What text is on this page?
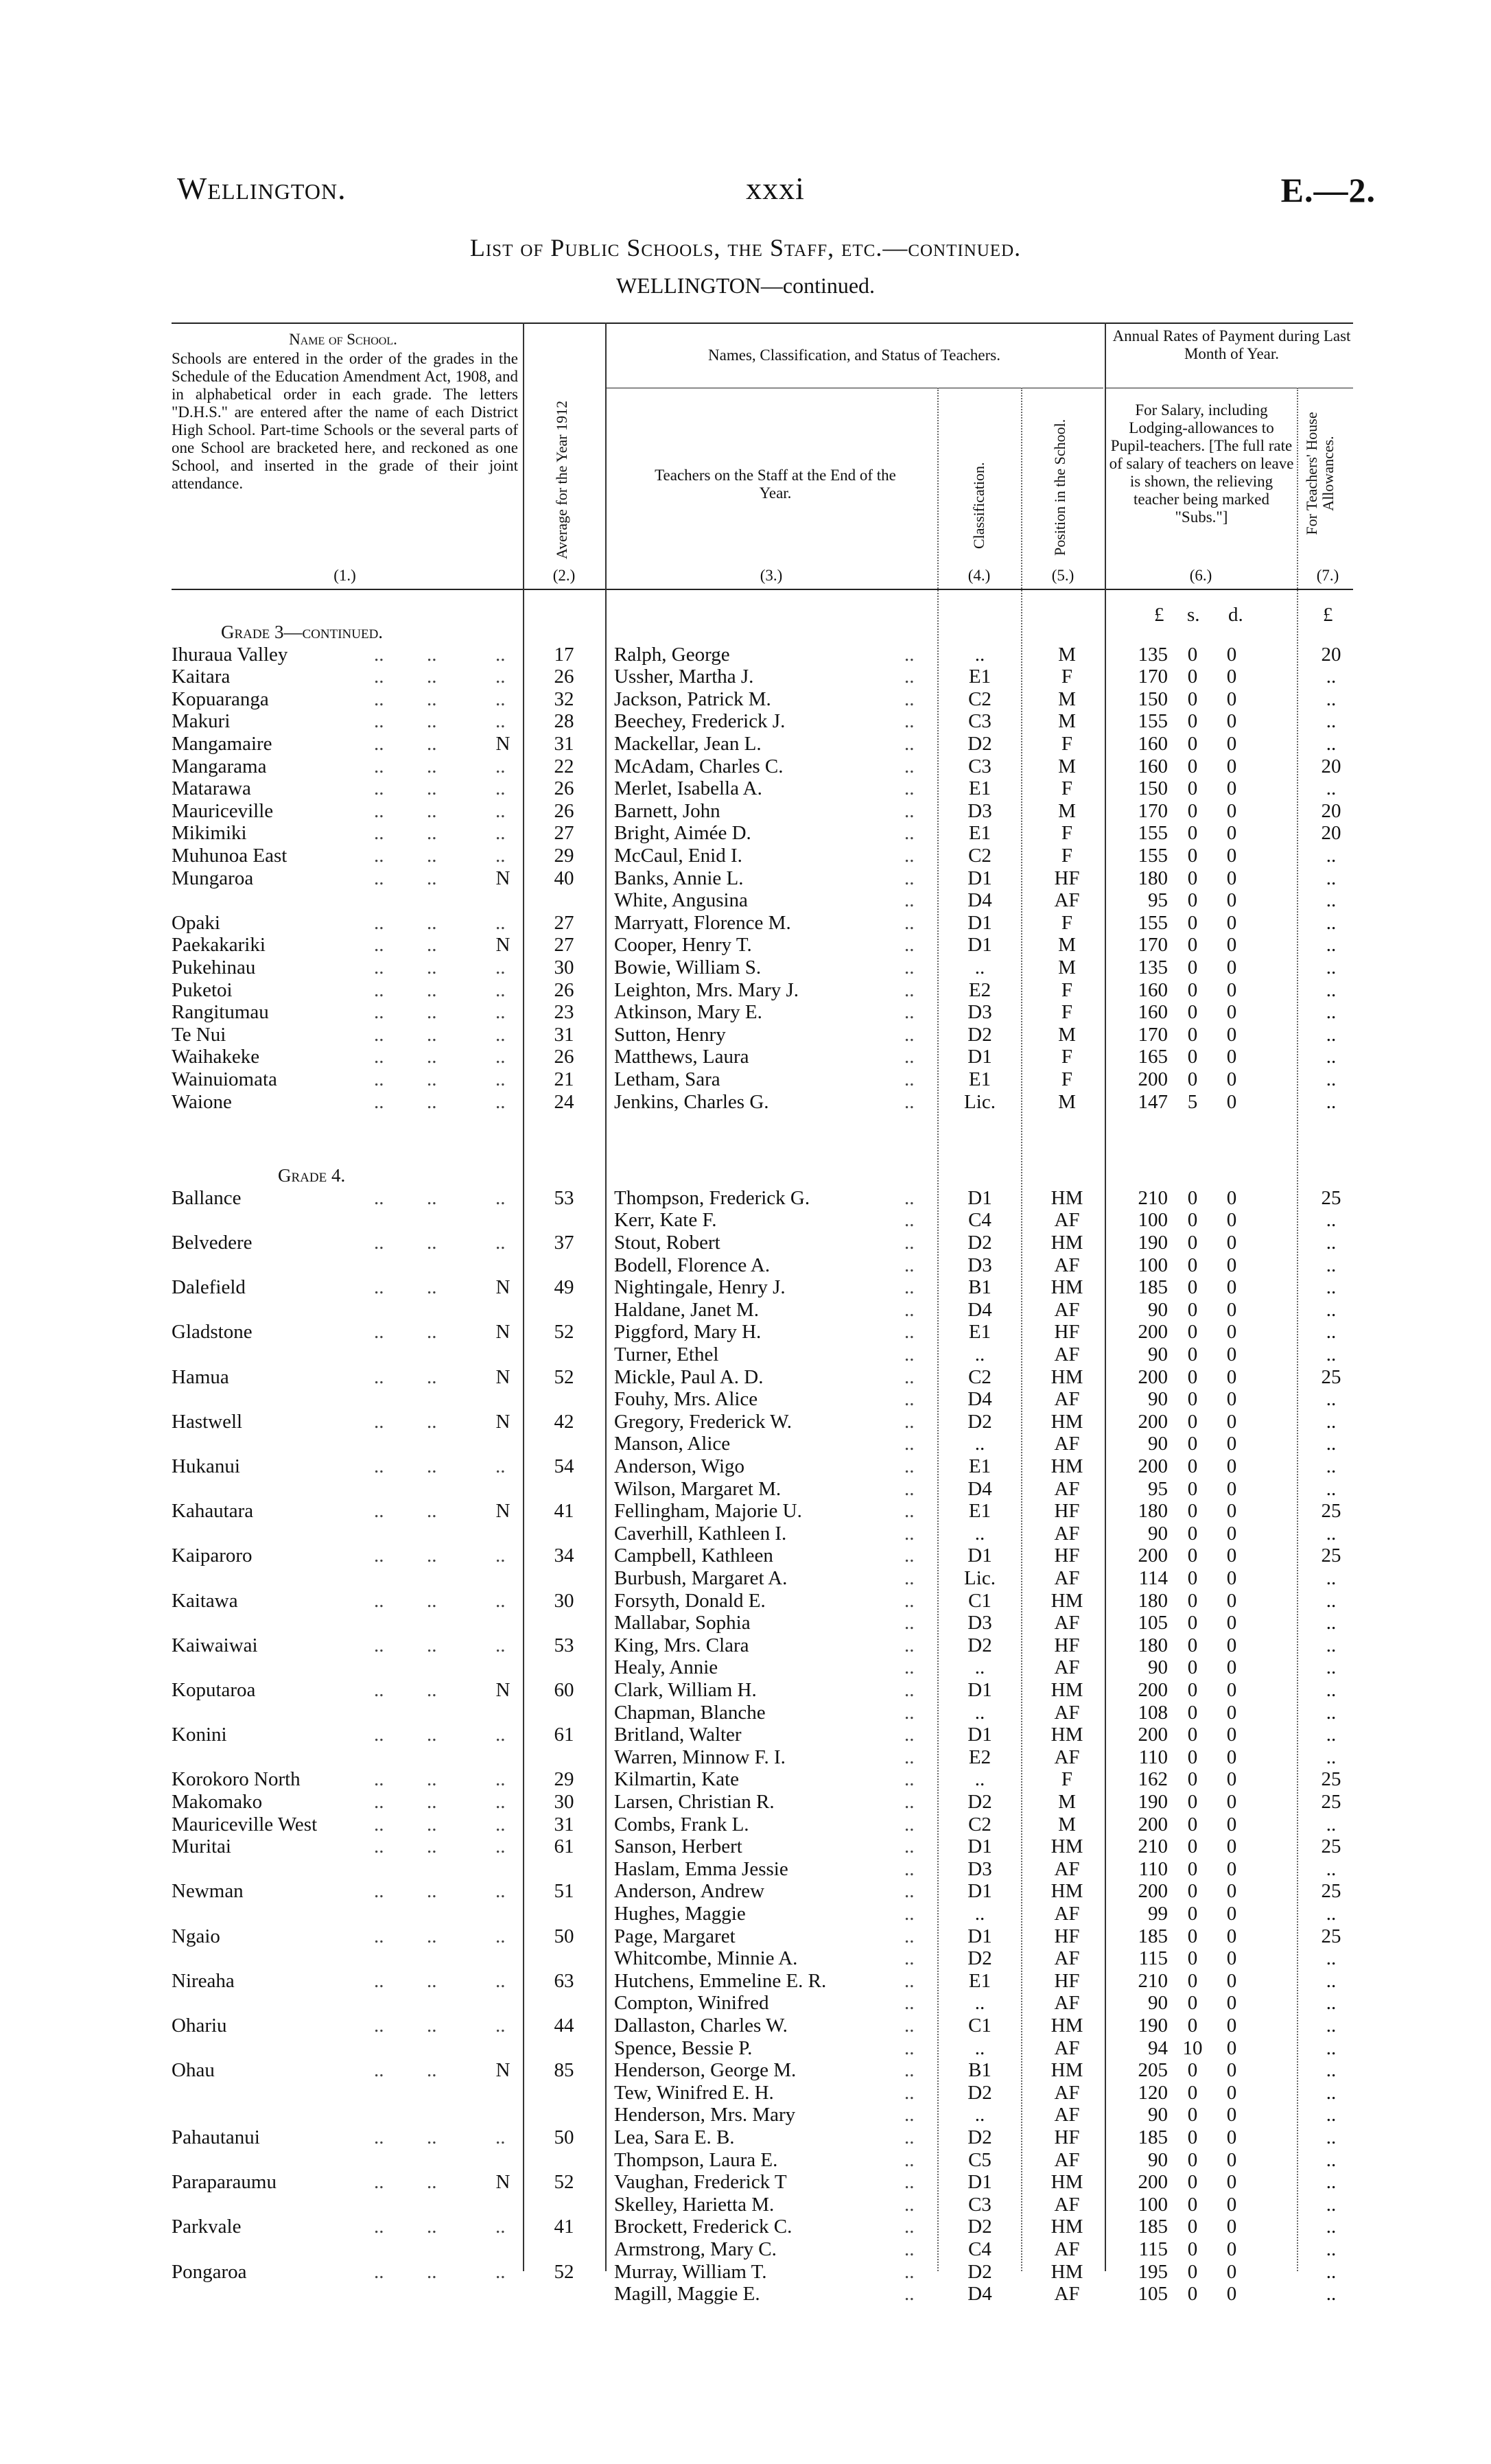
Wellington.	xxxi	E.—2.
List of Public Schools, the Staff, etc.—continued.
WELLINGTON—continued.
Name of School.
Schools are entered in the order of the grades in the Schedule of the Education Amendment Act, 1908, and in alphabetical order in each grade. The letters "D.H.S." are entered after the name of each District High School. Part-time Schools or the several parts of one School are bracketed here, and reckoned as one School, and inserted in the grade of their joint attendance.
(1.)
Average for the Year 1912
(2.)
Names, Classification, and Status of Teachers.
Teachers on the Staff at the End of the Year.
(3.)
Classification.
(4.)
Position in the School.
(5.)
Annual Rates of Payment during Last Month of Year.
For Salary, including Lodging-allowances to Pupil-teachers. [The full rate of salary of teachers on leave is shown, the relieving teacher being marked "Subs."]
(6.)
For Teachers' House Allowances.
(7.)
£ s. d.	£
Grade 3—continued.
Ihuraua Valley	.. ..	..	17	Ralph, George	..	..	M	135 0	0	20
Kaitara	.. ..	..	26	Ussher, Martha J.	..	E1	F	170 0	0	..
Kopuaranga	.. ..	..	32	Jackson, Patrick M.	..	C2	M	150 0	0	..
Makuri	.. ..	..	28	Beechey, Frederick J.	..	C3	M	155 0	0	..
Mangamaire	.. ..	N	31	Mackellar, Jean L.	..	D2	F	160 0	0	..
Mangarama	.. ..	..	22	McAdam, Charles C.	..	C3	M	160 0	0	20
Matarawa	.. ..	..	26	Merlet, Isabella A.	..	E1	F	150 0	0	..
Mauriceville	.. ..	..	26	Barnett, John	..	D3	M	170 0	0	20
Mikimiki	.. ..	..	27	Bright, Aimée D.	..	E1	F	155 0	0	20
Muhunoa East	.. ..	..	29	McCaul, Enid I.	..	C2	F	155 0	0	..
Mungaroa	.. ..	N	40	Banks, Annie L.	..	D1	HF	180 0	0	..
White, Angusina	..	D4	AF	95 0	0	..
Opaki	.. ..	..	27	Marryatt, Florence M.	..	D1	F	155 0	0	..
Paekakariki	.. ..	N	27	Cooper, Henry T.	..	D1	M	170 0	0	..
Pukehinau	.. ..	..	30	Bowie, William S.	..	..	M	135 0	0	..
Puketoi	.. ..	..	26	Leighton, Mrs. Mary J.	..	E2	F	160 0	0	..
Rangitumau	.. ..	..	23	Atkinson, Mary E.	..	D3	F	160 0	0	..
Te Nui	.. ..	..	31	Sutton, Henry	..	D2	M	170 0	0	..
Waihakeke	.. ..	..	26	Matthews, Laura	..	D1	F	165 0	0	..
Wainuiomata	.. ..	..	21	Letham, Sara	..	E1	F	200 0	0	..
Waione	.. ..	..	24	Jenkins, Charles G.	..	Lic.	M	147 5	0	..
Grade 4.
Ballance	.. ..	..	53	Thompson, Frederick G.	..	D1	HM	210 0	0	25
Kerr, Kate F.	..	C4	AF	100 0	0	..
Belvedere	.. ..	..	37	Stout, Robert	..	D2	HM	190 0	0	..
Bodell, Florence A.	..	D3	AF	100 0	0	..
Dalefield	.. ..	N	49	Nightingale, Henry J.	..	B1	HM	185 0	0	..
Haldane, Janet M.	..	D4	AF	90 0	0	..
Gladstone	.. ..	N	52	Piggford, Mary H.	..	E1	HF	200 0	0	..
Turner, Ethel	..	..	AF	90 0	0	..
Hamua	.. ..	N	52	Mickle, Paul A. D.	..	C2	HM	200 0	0	25
Fouhy, Mrs. Alice	..	D4	AF	90 0	0	..
Hastwell	.. ..	N	42	Gregory, Frederick W.	..	D2	HM	200 0	0	..
Manson, Alice	..	..	AF	90 0	0	..
Hukanui	.. ..	..	54	Anderson, Wigo	..	E1	HM	200 0	0	..
Wilson, Margaret M.	..	D4	AF	95 0	0	..
Kahautara	.. ..	N	41	Fellingham, Majorie U.	..	E1	HF	180 0	0	25
Caverhill, Kathleen I.	..	..	AF	90 0	0	..
Kaiparoro	.. ..	..	34	Campbell, Kathleen	..	D1	HF	200 0	0	25
Burbush, Margaret A.	..	Lic.	AF	114 0	0	..
Kaitawa	.. ..	..	30	Forsyth, Donald E.	..	C1	HM	180 0	0	..
Mallabar, Sophia	..	D3	AF	105 0	0	..
Kaiwaiwai	.. ..	..	53	King, Mrs. Clara	..	D2	HF	180 0	0	..
Healy, Annie	..	..	AF	90 0	0	..
Koputaroa	.. ..	N	60	Clark, William H.	..	D1	HM	200 0	0	..
Chapman, Blanche	..	..	AF	108 0	0	..
Konini	.. ..	..	61	Britland, Walter	..	D1	HM	200 0	0	..
Warren, Minnow F. I.	..	E2	AF	110 0	0	..
Korokoro North	.. ..	..	29	Kilmartin, Kate	..	..	F	162 0	0	25
Makomako	.. ..	..	30	Larsen, Christian R.	..	D2	M	190 0	0	25
Mauriceville West	.. ..	..	31	Combs, Frank L.	..	C2	M	200 0	0	..
Muritai	.. ..	..	61	Sanson, Herbert	..	D1	HM	210 0	0	25
Haslam, Emma Jessie	..	D3	AF	110 0	0	..
Newman	.. ..	..	51	Anderson, Andrew	..	D1	HM	200 0	0	25
Hughes, Maggie	..	..	AF	99 0	0	..
Ngaio	.. ..	..	50	Page, Margaret	..	D1	HF	185 0	0	25
Whitcombe, Minnie A.	..	D2	AF	115 0	0	..
Nireaha	.. ..	..	63	Hutchens, Emmeline E. R.	..	E1	HF	210 0	0	..
Compton, Winifred	..	..	AF	90 0	0	..
Ohariu	.. ..	..	44	Dallaston, Charles W.	..	C1	HM	190 0	0	..
Spence, Bessie P.	..	..	AF	94 10	0	..
Ohau	.. ..	N	85	Henderson, George M.	..	B1	HM	205 0	0	..
Tew, Winifred E. H.	..	D2	AF	120 0	0	..
Henderson, Mrs. Mary	..	..	AF	90 0	0	..
Pahautanui	.. ..	..	50	Lea, Sara E. B.	..	D2	HF	185 0	0	..
Thompson, Laura E.	..	C5	AF	90 0	0	..
Paraparaumu	.. ..	N	52	Vaughan, Frederick T	..	D1	HM	200 0	0	..
Skelley, Harietta M.	..	C3	AF	100 0	0	..
Parkvale	.. ..	..	41	Brockett, Frederick C.	..	D2	HM	185 0	0	..
Armstrong, Mary C.	..	C4	AF	115 0	0	..
Pongaroa	.. ..	..	52	Murray, William T.	..	D2	HM	195 0	0	..
Magill, Maggie E.	..	D4	AF	105 0	0	..
